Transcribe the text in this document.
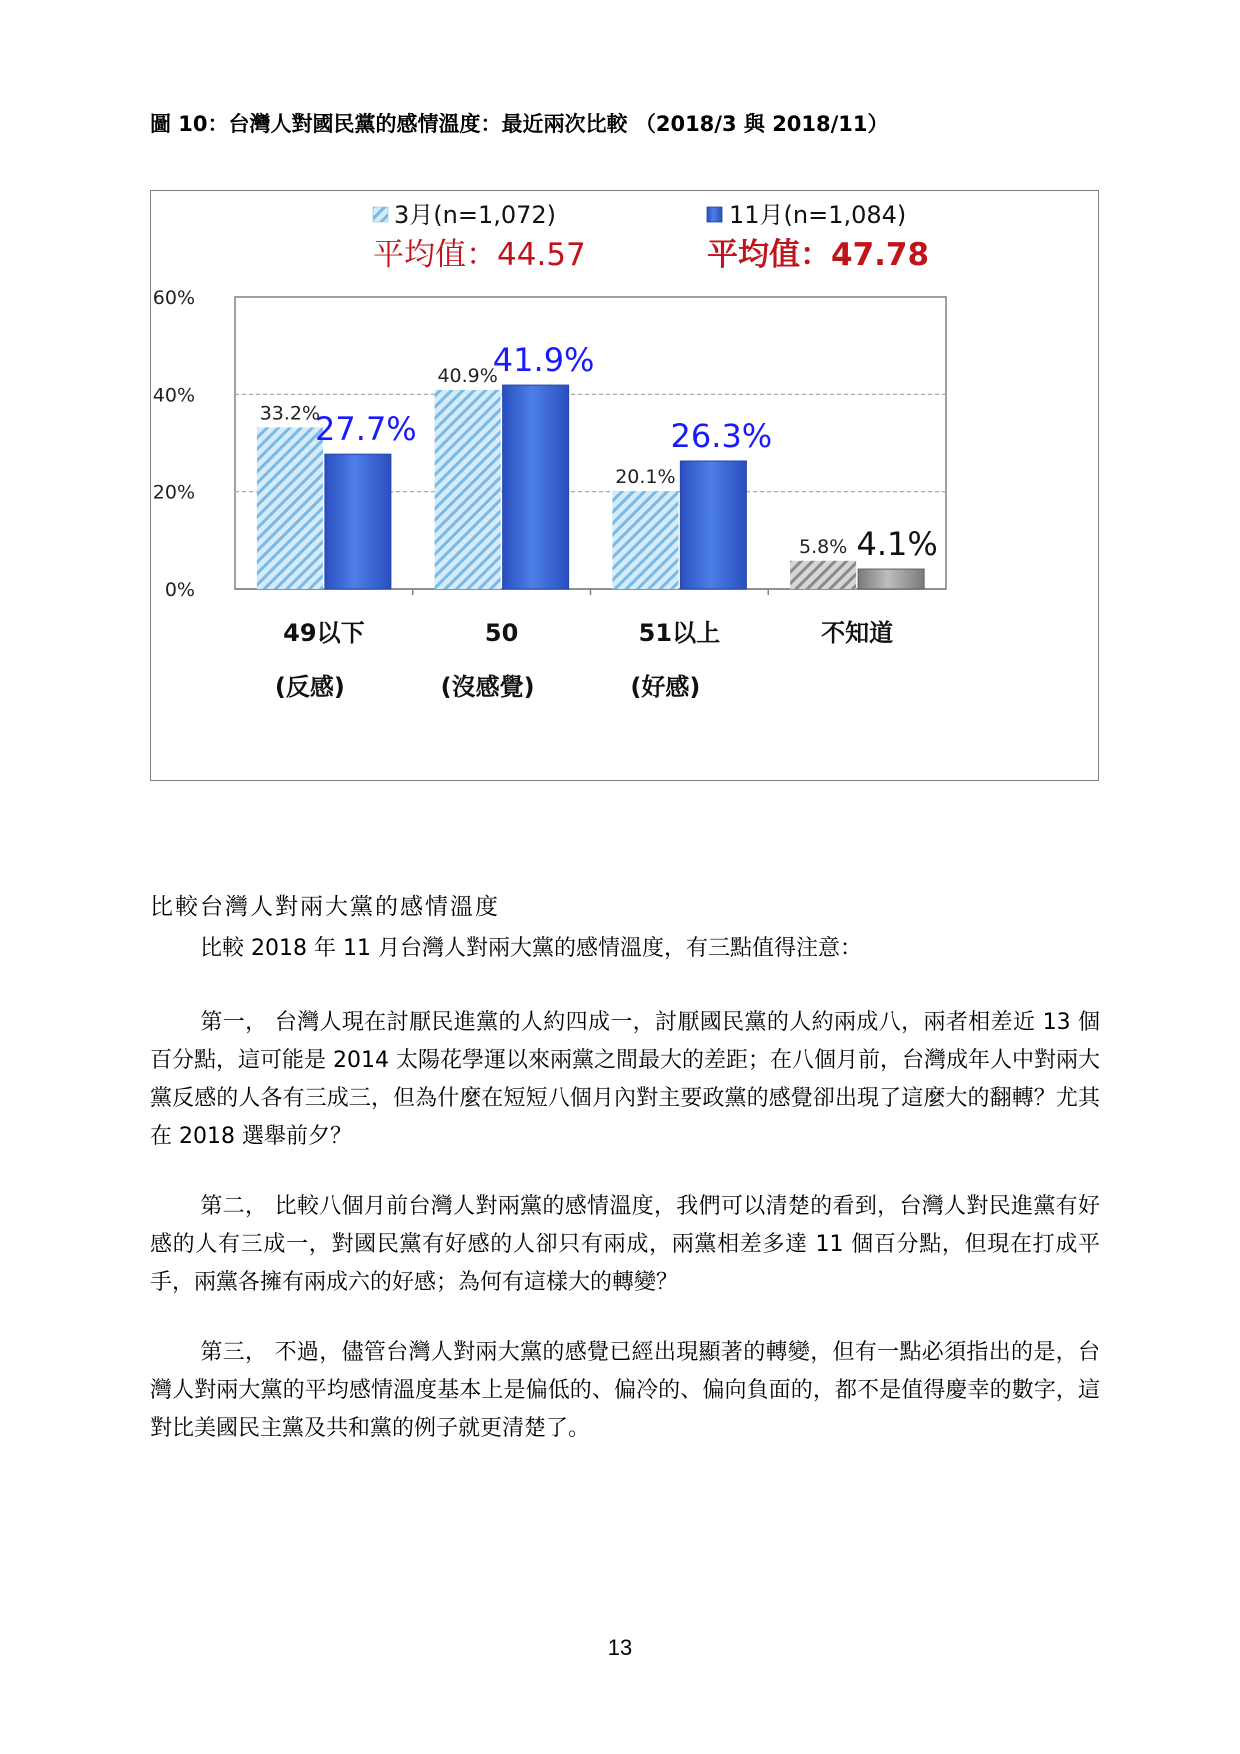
圖 10：台灣人對國民黨的感情溫度：最近兩次比較 （2018/3 與 2018/11）
0%
20%
40%
60%
33.2%
27.7%
49以下
(反感)
40.9%
41.9%
50
(沒感覺)
20.1%
26.3%
51以上
(好感)
5.8% 4.1%
不知道
3月(n=1,072)	11月(n=1,084)
平均值：44.57	平均值：47.78
比較台灣人對兩大黨的感情溫度
比較 2018 年 11 月台灣人對兩大黨的感情溫度，有三點值得注意：
第一， 台灣人現在討厭民進黨的人約四成一，討厭國民黨的人約兩成八，兩者相差近 13 個百分點，這可能是 2014 太陽花學運以來兩黨之間最大的差距；在八個月前，台灣成年人中對兩大黨反感的人各有三成三，但為什麼在短短八個月內對主要政黨的感覺卻出現了這麼大的翻轉？尤其在 2018 選舉前夕？
第二， 比較八個月前台灣人對兩黨的感情溫度，我們可以清楚的看到，台灣人對民進黨有好感的人有三成一，對國民黨有好感的人卻只有兩成，兩黨相差多達 11 個百分點，但現在打成平手，兩黨各擁有兩成六的好感；為何有這樣大的轉變？
第三， 不過，儘管台灣人對兩大黨的感覺已經出現顯著的轉變，但有一點必須指出的是，台灣人對兩大黨的平均感情溫度基本上是偏低的、偏冷的、偏向負面的，都不是值得慶幸的數字，這對比美國民主黨及共和黨的例子就更清楚了。
13
